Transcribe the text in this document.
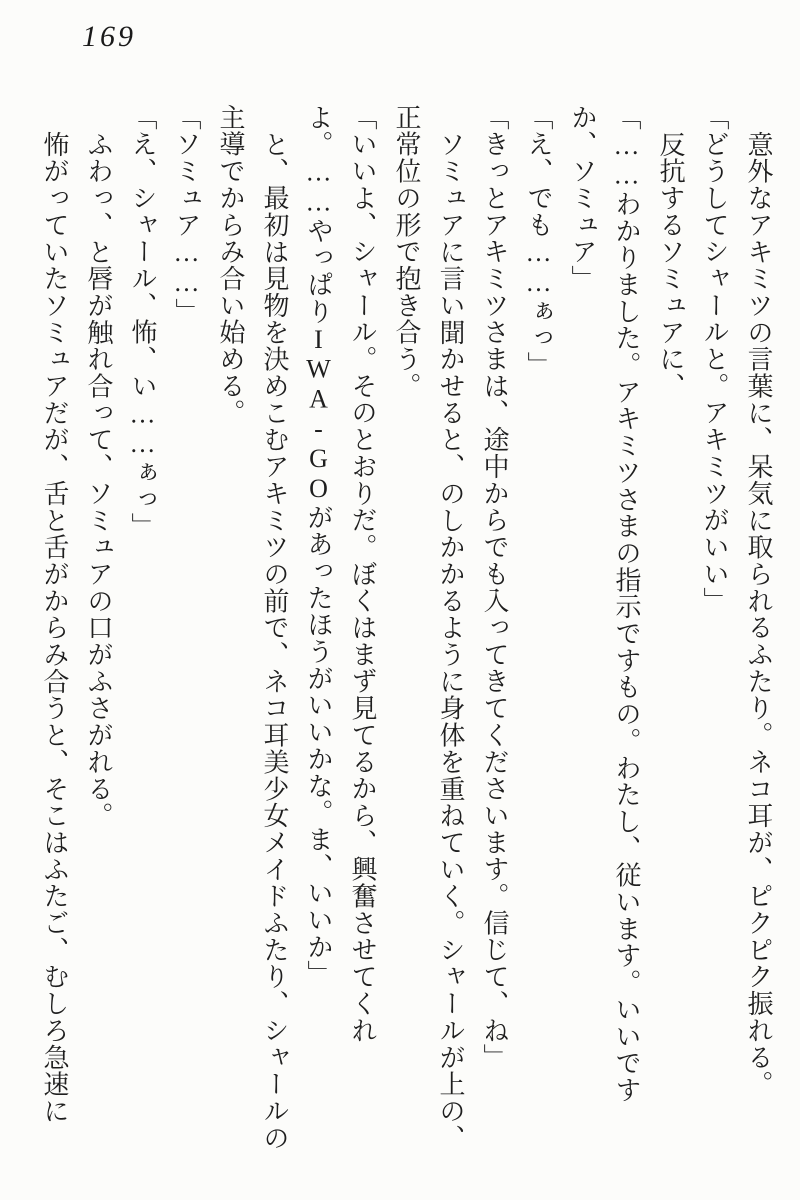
169

意外なアキミツの言葉に、呆気に取られるふたり。ネコ耳が、ピクピク振れる。

「どうしてシャールと。アキミツがいい」

反抗するソミュアに、

「……わかりました。アキミツさまの指示ですもの。わたし、従います。いいですか、ソミュア」

「え、でも……ぁっ」

「きっとアキミツさまは、途中からでも入ってきてくださいます。信じて、ね」

ソミュアに言い聞かせると、のしかかるように身体を重ねていく。シャールが上の、正常位の形で抱き合う。

「いいよ、シャール。そのとおりだ。ぼくはまず見てるから、興奮させてくれよ。……やっぱりIWA-GOがあったほうがいいかな。ま、いいか」

と、最初は見物を決めこむアキミツの前で、ネコ耳美少女メイドふたり、シャールの主導でからみ合い始める。

「ソミュア……」

「え、シャール、怖、い……ぁっ」

ふわっ、と唇が触れ合って、ソミュアの口がふさがれる。

怖がっていたソミュアだが、舌と舌がからみ合うと、そこはふたご、むしろ急速に
